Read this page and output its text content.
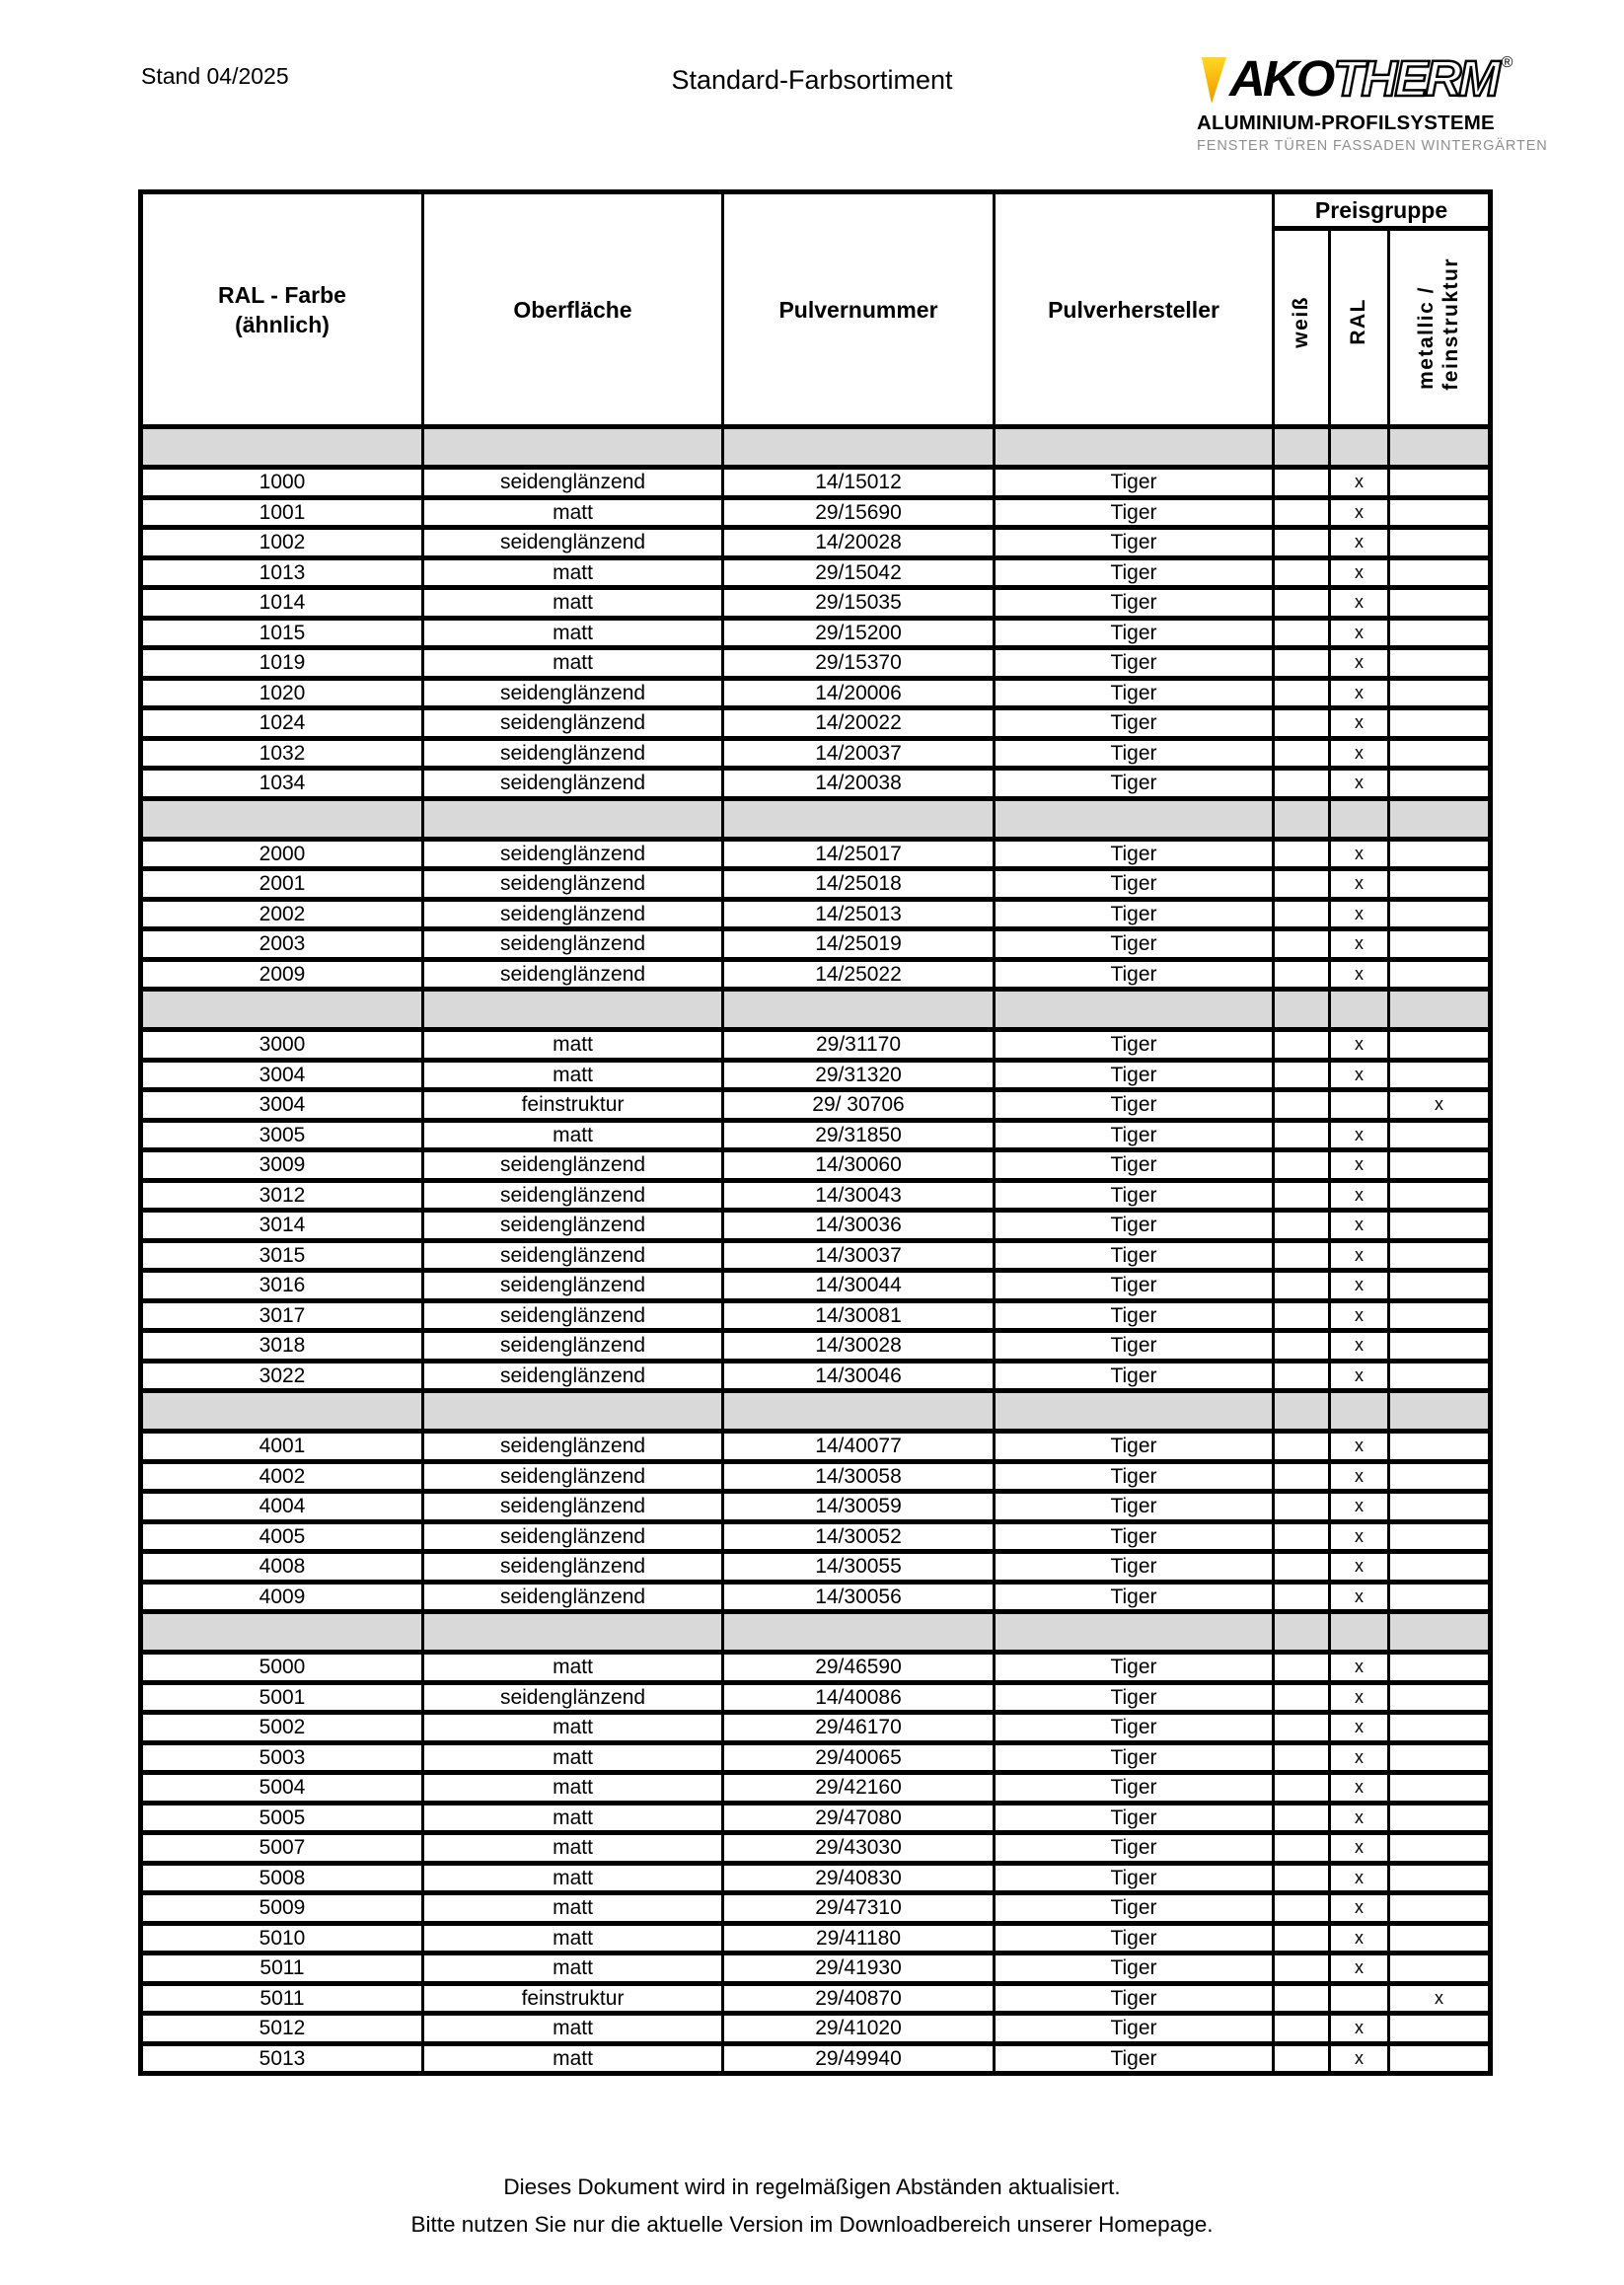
Stand 04/2025	Standard-Farbsortiment	AKO THERM ®
ALUMINIUM-PROFILSYSTEME
FENSTER TÜREN FASSADEN WINTERGÄRTEN
RAL - Farbe
(ähnlich)	Oberfläche	Pulvernummer	Pulverhersteller	Preisgruppe		

				weiß	RAL	metallic / feinstruktur

1000	seidenglänzend	14/15012	Tiger		x	
1001	matt	29/15690	Tiger		x	
1002	seidenglänzend	14/20028	Tiger		x	
1013	matt	29/15042	Tiger		x	
1014	matt	29/15035	Tiger		x	
1015	matt	29/15200	Tiger		x	
1019	matt	29/15370	Tiger		x	
1020	seidenglänzend	14/20006	Tiger		x	
1024	seidenglänzend	14/20022	Tiger		x	
1032	seidenglänzend	14/20037	Tiger		x	
1034	seidenglänzend	14/20038	Tiger		x	

2000	seidenglänzend	14/25017	Tiger		x	
2001	seidenglänzend	14/25018	Tiger		x	
2002	seidenglänzend	14/25013	Tiger		x	
2003	seidenglänzend	14/25019	Tiger		x	
2009	seidenglänzend	14/25022	Tiger		x	

3000	matt	29/31170	Tiger		x	
3004	matt	29/31320	Tiger		x	
3004	feinstruktur	29/ 30706	Tiger			x
3005	matt	29/31850	Tiger		x	
3009	seidenglänzend	14/30060	Tiger		x	
3012	seidenglänzend	14/30043	Tiger		x	
3014	seidenglänzend	14/30036	Tiger		x	
3015	seidenglänzend	14/30037	Tiger		x	
3016	seidenglänzend	14/30044	Tiger		x	
3017	seidenglänzend	14/30081	Tiger		x	
3018	seidenglänzend	14/30028	Tiger		x	
3022	seidenglänzend	14/30046	Tiger		x	

4001	seidenglänzend	14/40077	Tiger		x	
4002	seidenglänzend	14/30058	Tiger		x	
4004	seidenglänzend	14/30059	Tiger		x	
4005	seidenglänzend	14/30052	Tiger		x	
4008	seidenglänzend	14/30055	Tiger		x	
4009	seidenglänzend	14/30056	Tiger		x	

5000	matt	29/46590	Tiger		x	
5001	seidenglänzend	14/40086	Tiger		x	
5002	matt	29/46170	Tiger		x	
5003	matt	29/40065	Tiger		x	
5004	matt	29/42160	Tiger		x	
5005	matt	29/47080	Tiger		x	
5007	matt	29/43030	Tiger		x	
5008	matt	29/40830	Tiger		x	
5009	matt	29/47310	Tiger		x	
5010	matt	29/41180	Tiger		x	
5011	matt	29/41930	Tiger		x	
5011	feinstruktur	29/40870	Tiger			x
5012	matt	29/41020	Tiger		x	
5013	matt	29/49940	Tiger		x	
Dieses Dokument wird in regelmäßigen Abständen aktualisiert.
Bitte nutzen Sie nur die aktuelle Version im Downloadbereich unserer Homepage.
